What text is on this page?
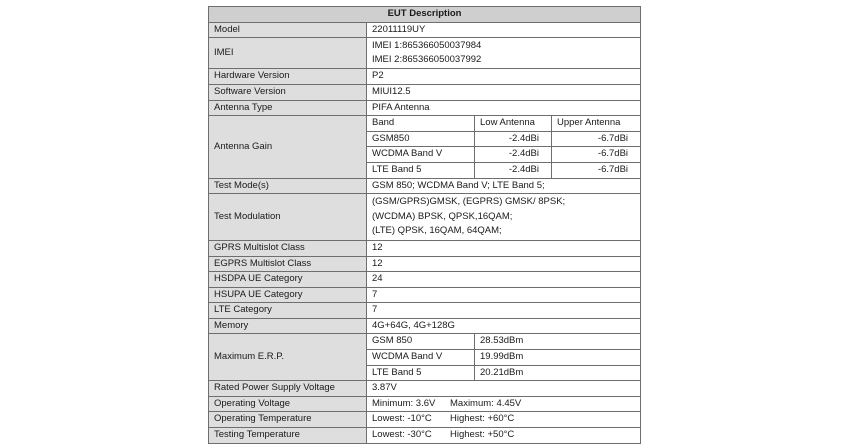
EUT Description			
Model	22011119UY		
IMEI	IMEI 1:865366050037984
IMEI 2:865366050037992		

Hardware Version	P2		
Software Version	MIUI12.5		
Antenna Type	PIFA Antenna		
Antenna Gain	Band	Low Antenna	Upper Antenna
	GSM850	-2.4dBi	-6.7dBi
	WCDMA Band V	-2.4dBi	-6.7dBi
	LTE Band 5	-2.4dBi	-6.7dBi
Test Mode(s)	GSM 850; WCDMA Band V; LTE Band 5;		
Test Modulation	(GSM/GPRS)GMSK, (EGPRS) GMSK/ 8PSK;
(WCDMA) BPSK, QPSK,16QAM;
(LTE) QPSK, 16QAM, 64QAM;		

GPRS Multislot Class	12		
EGPRS Multislot Class	12		
HSDPA UE Category	24		
HSUPA UE Category	7		
LTE Category	7		
Memory	4G+64G, 4G+128G		
Maximum E.R.P.	GSM 850	28.53dBm	
	WCDMA Band V	19.99dBm	
	LTE Band 5	20.21dBm	
Rated Power Supply Voltage	3.87V		
Operating Voltage	Minimum: 3.6V Maximum: 4.45V		

Operating Temperature	Lowest: -10°C Highest: +60°C		

Testing Temperature	Lowest: -30°C Highest: +50°C		
